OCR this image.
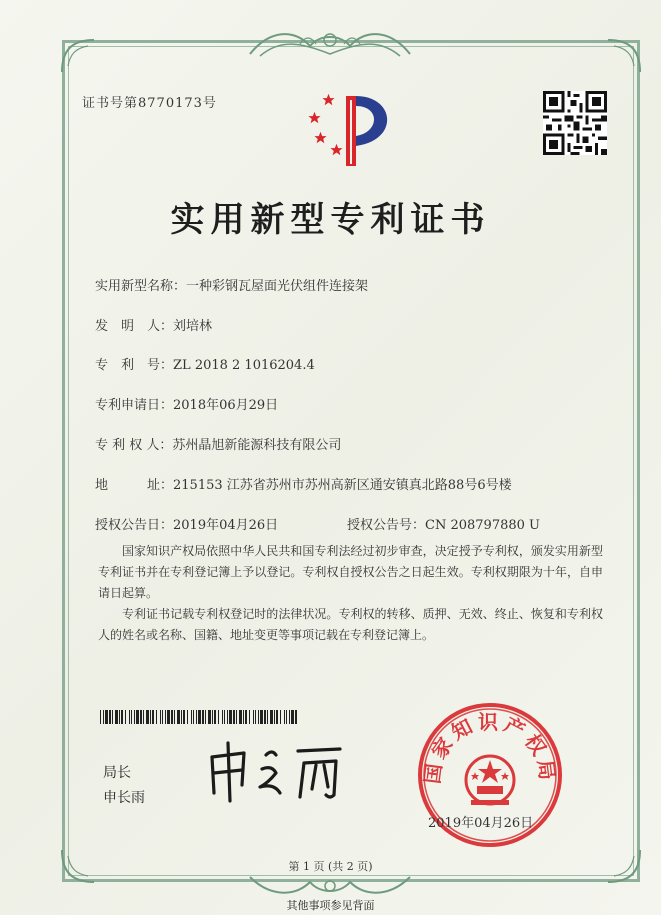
证书号第8770173号
实用新型专利证书
实用新型名称：一种彩钢瓦屋面光伏组件连接架
发　明　人：刘培林
专　利　号：ZL 2018 2 1016204.4
专利申请日：2018年06月29日
专 利 权 人：苏州晶旭新能源科技有限公司
地　　　址：215153 江苏省苏州市苏州高新区通安镇真北路88号6号楼
授权公告日：2019年04月26日	授权公告号：CN 208797880 U

国家知识产权局依照中华人民共和国专利法经过初步审查，决定授予专利权，颁发实用新型专利证书并在专利登记簿上予以登记。专利权自授权公告之日起生效。专利权期限为十年，自申请日起算。

专利证书记载专利权登记时的法律状况。专利权的转移、质押、无效、终止、恢复和专利权人的姓名或名称、国籍、地址变更等事项记载在专利登记簿上。

局长
申长雨
国家知识产权局
2019年04月26日
第 1 页 (共 2 页)
其他事项参见背面
